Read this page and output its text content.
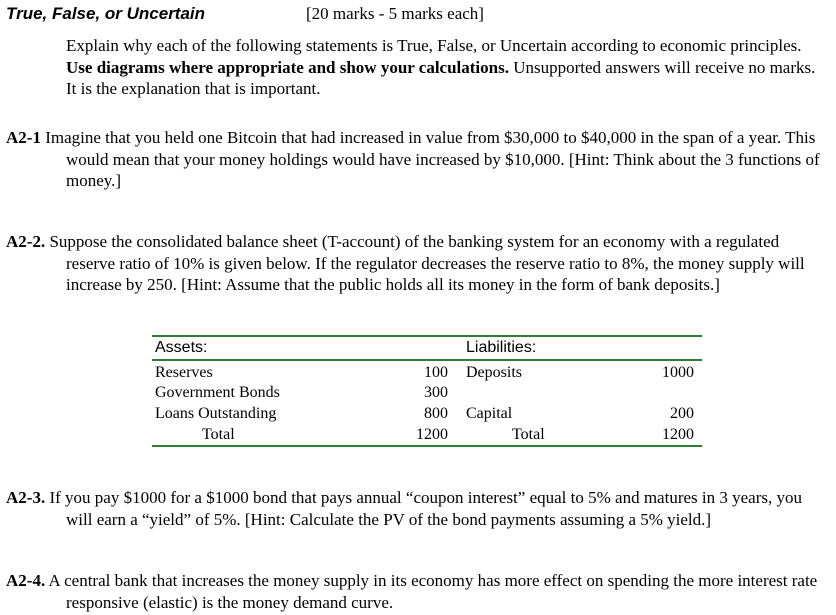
True, False, or Uncertain	[20 marks - 5 marks each]
Explain why each of the following statements is True, False, or Uncertain according to economic principles. Use diagrams where appropriate and show your calculations. Unsupported answers will receive no marks. It is the explanation that is important.
A2-1 Imagine that you held one Bitcoin that had increased in value from $30,000 to $40,000 in the span of a year. This would mean that your money holdings would have increased by $10,000. [Hint: Think about the 3 functions of money.]
A2-2. Suppose the consolidated balance sheet (T-account) of the banking system for an economy with a regulated reserve ratio of 10% is given below. If the regulator decreases the reserve ratio to 8%, the money supply will increase by 250. [Hint: Assume that the public holds all its money in the form of bank deposits.]
Assets:	Liabilities:
Reserves	100 Deposits	1000
Government Bonds	300
Loans Outstanding	800 Capital	200
Total	1200	Total	1200
A2-3. If you pay $1000 for a $1000 bond that pays annual “coupon interest” equal to 5% and matures in 3 years, you will earn a “yield” of 5%. [Hint: Calculate the PV of the bond payments assuming a 5% yield.]
A2-4. A central bank that increases the money supply in its economy has more effect on spending the more interest rate responsive (elastic) is the money demand curve.
